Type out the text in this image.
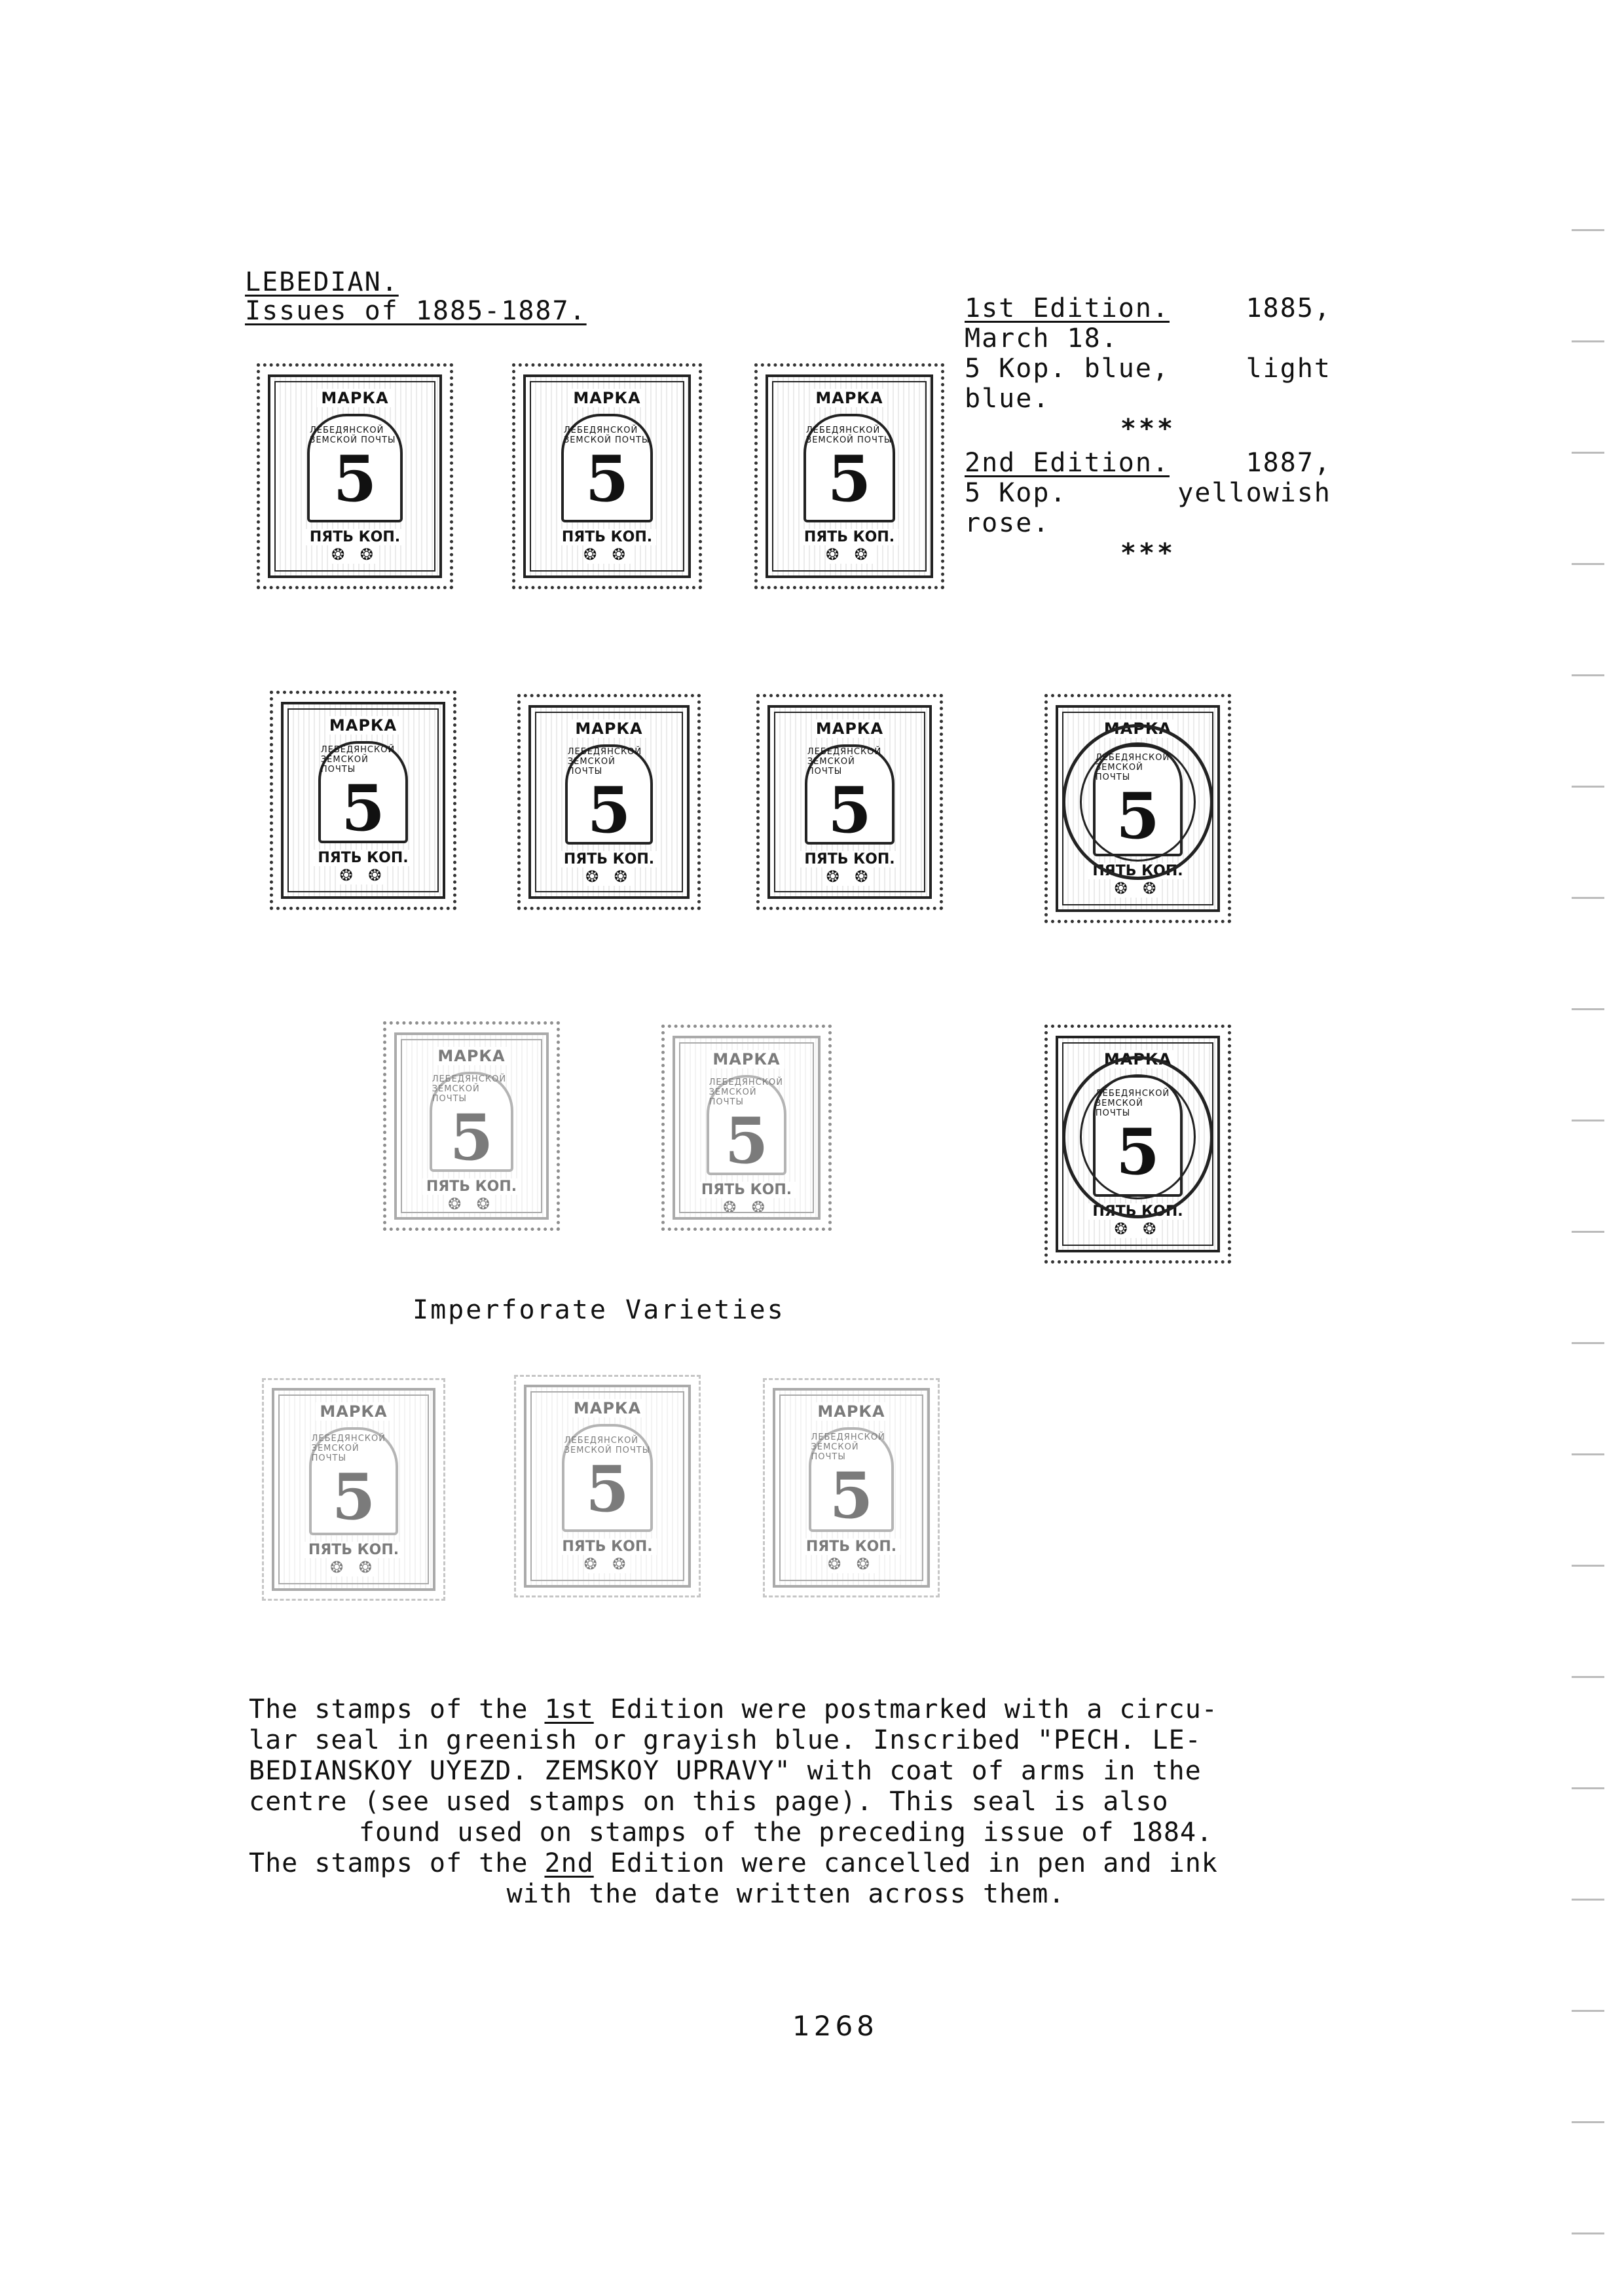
LEBEDIAN.
Issues of 1885-1887.	1st Edition.	1885,
March 18.
5 Kop. blue,	light
blue.
***
2nd Edition.	1887,
5 Kop.	yellowish
rose.
***
МАРКА
ЛЕБЕДЯНСКОЙ ЗЕМСКОЙ ПОЧТЫ
5
ПЯТЬ КОП.
❂ ❂
МАРКА
ЛЕБЕДЯНСКОЙ ЗЕМСКОЙ ПОЧТЫ
5
ПЯТЬ КОП.
❂ ❂
МАРКА
ЛЕБЕДЯНСКОЙ ЗЕМСКОЙ ПОЧТЫ
5
ПЯТЬ КОП.
❂ ❂
МАРКА
ЛЕБЕДЯНСКОЙ ЗЕМСКОЙ ПОЧТЫ
5
ПЯТЬ КОП.
❂ ❂
МАРКА
ЛЕБЕДЯНСКОЙ ЗЕМСКОЙ ПОЧТЫ
5
ПЯТЬ КОП.
❂ ❂
МАРКА
ЛЕБЕДЯНСКОЙ ЗЕМСКОЙ ПОЧТЫ
5
ПЯТЬ КОП.
❂ ❂
МАРКА
ЛЕБЕДЯНСКОЙ ЗЕМСКОЙ ПОЧТЫ
5
ПЯТЬ КОП.
❂ ❂
МАРКА
ЛЕБЕДЯНСКОЙ ЗЕМСКОЙ ПОЧТЫ
5
ПЯТЬ КОП.
❂ ❂
МАРКА
ЛЕБЕДЯНСКОЙ ЗЕМСКОЙ ПОЧТЫ
5
ПЯТЬ КОП.
❂ ❂
МАРКА
ЛЕБЕДЯНСКОЙ ЗЕМСКОЙ ПОЧТЫ
5
ПЯТЬ КОП.
❂ ❂
Imperforate Varieties
МАРКА
ЛЕБЕДЯНСКОЙ ЗЕМСКОЙ ПОЧТЫ
5
ПЯТЬ КОП.
❂ ❂
МАРКА
ЛЕБЕДЯНСКОЙ ЗЕМСКОЙ ПОЧТЫ
5
ПЯТЬ КОП.
❂ ❂
МАРКА
ЛЕБЕДЯНСКОЙ ЗЕМСКОЙ ПОЧТЫ
5
ПЯТЬ КОП.
❂ ❂
The stamps of the 1st Edition were postmarked with a circu-
lar seal in greenish or grayish blue. Inscribed "PECH. LE-
BEDIANSKOY UYEZD. ZEMSKOY UPRAVY" with coat of arms in the
centre (see used stamps on this page). This seal is also
found used on stamps of the preceding issue of 1884.
The stamps of the 2nd Edition were cancelled in pen and ink
with the date written across them.
1268
